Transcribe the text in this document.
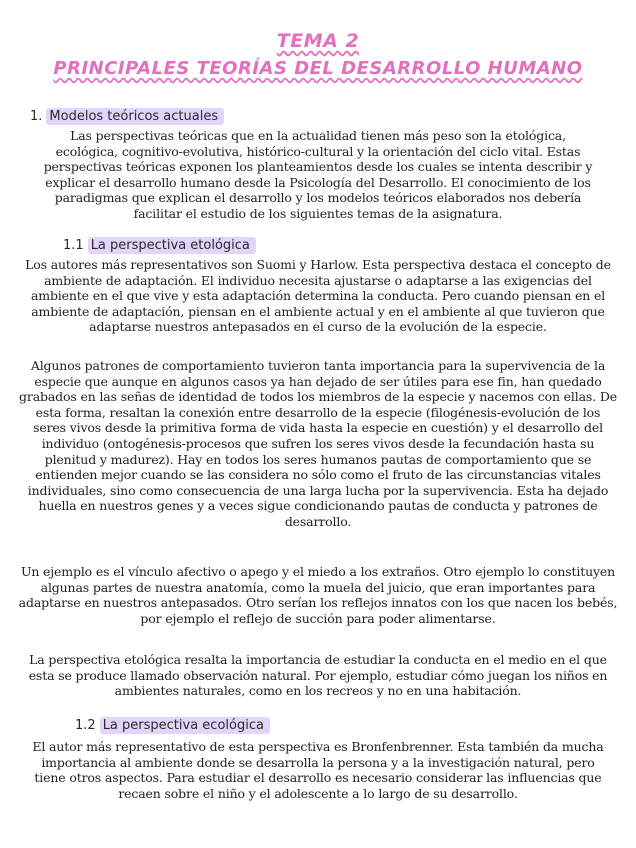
TEMA 2
PRINCIPALES TEORÍAS DEL DESARROLLO HUMANO
1. Modelos teóricos actuales

Las perspectivas teóricas que en la actualidad tienen más peso son la etológica, ecológica, cognitivo-evolutiva, histórico-cultural y la orientación del ciclo vital. Estas perspectivas teóricas exponen los planteamientos desde los cuales se intenta describir y explicar el desarrollo humano desde la Psicología del Desarrollo. El conocimiento de los paradigmas que explican el desarrollo y los modelos teóricos elaborados nos debería facilitar el estudio de los siguientes temas de la asignatura.

1.1 La perspectiva etológica

Los autores más representativos son Suomi y Harlow. Esta perspectiva destaca el concepto de ambiente de adaptación. El individuo necesita ajustarse o adaptarse a las exigencias del ambiente en el que vive y esta adaptación determina la conducta. Pero cuando piensan en el ambiente de adaptación, piensan en el ambiente actual y en el ambiente al que tuvieron que adaptarse nuestros antepasados en el curso de la evolución de la especie.

Algunos patrones de comportamiento tuvieron tanta importancia para la supervivencia de la especie que aunque en algunos casos ya han dejado de ser útiles para ese fin, han quedado grabados en las señas de identidad de todos los miembros de la especie y nacemos con ellas. De esta forma, resaltan la conexión entre desarrollo de la especie (filogénesis-evolución de los seres vivos desde la primitiva forma de vida hasta la especie en cuestión) y el desarrollo del individuo (ontogénesis-procesos que sufren los seres vivos desde la fecundación hasta su plenitud y madurez). Hay en todos los seres humanos pautas de comportamiento que se entienden mejor cuando se las considera no sólo como el fruto de las circunstancias vitales individuales, sino como consecuencia de una larga lucha por la supervivencia. Esta ha dejado huella en nuestros genes y a veces sigue condicionando pautas de conducta y patrones de desarrollo.

Un ejemplo es el vínculo afectivo o apego y el miedo a los extraños. Otro ejemplo lo constituyen algunas partes de nuestra anatomía, como la muela del juicio, que eran importantes para adaptarse en nuestros antepasados. Otro serían los reflejos innatos con los que nacen los bebés, por ejemplo el reflejo de succión para poder alimentarse.

La perspectiva etológica resalta la importancia de estudiar la conducta en el medio en el que esta se produce llamado observación natural. Por ejemplo, estudiar cómo juegan los niños en ambientes naturales, como en los recreos y no en una habitación.

1.2 La perspectiva ecológica

El autor más representativo de esta perspectiva es Bronfenbrenner. Esta también da mucha importancia al ambiente donde se desarrolla la persona y a la investigación natural, pero tiene otros aspectos. Para estudiar el desarrollo es necesario considerar las influencias que recaen sobre el niño y el adolescente a lo largo de su desarrollo.
